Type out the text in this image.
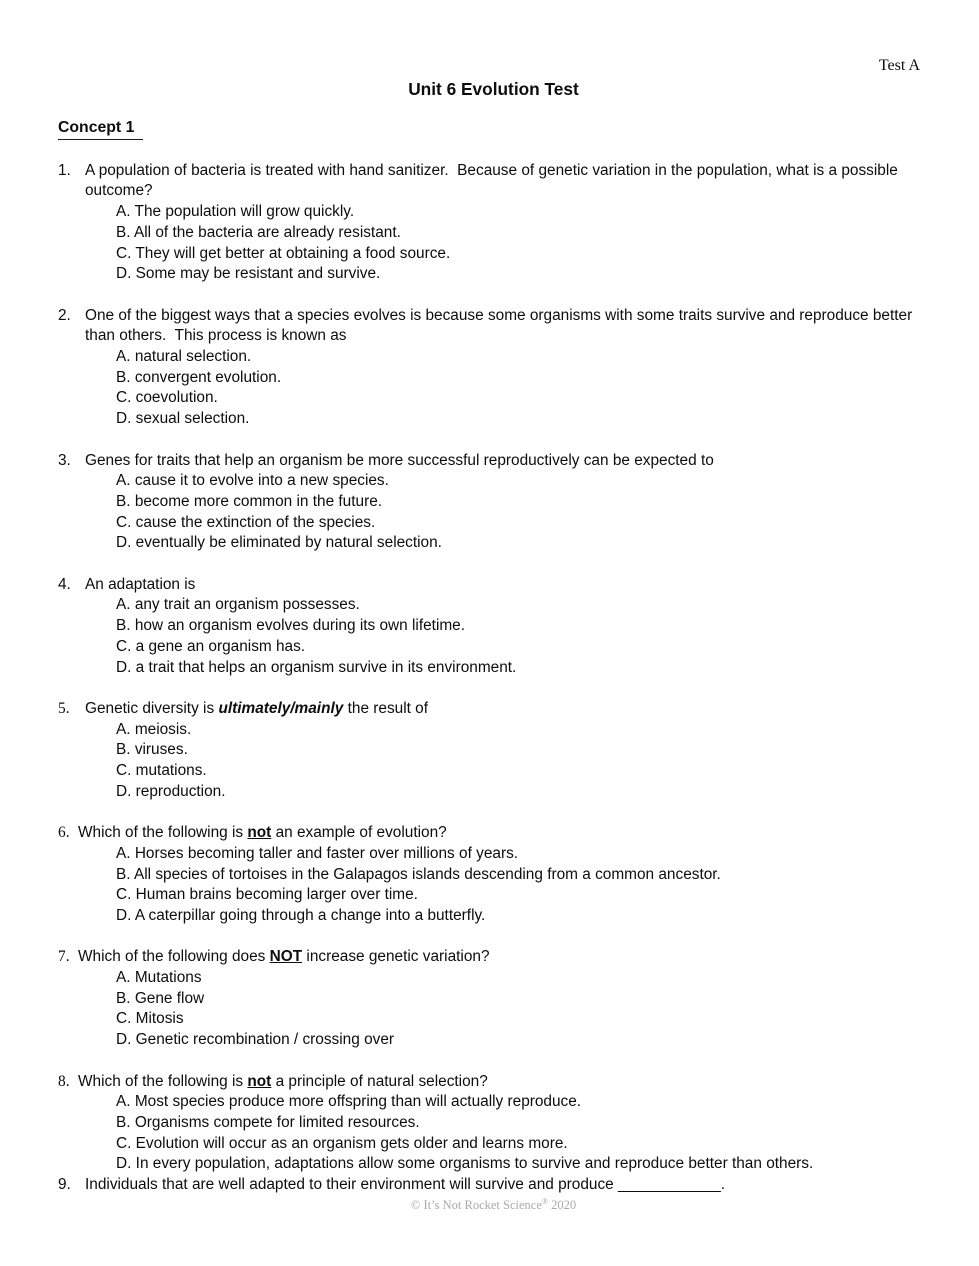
Test A
Unit 6 Evolution Test
Concept 1
1. A population of bacteria is treated with hand sanitizer.  Because of genetic variation in the population, what is a possible outcome?
A. The population will grow quickly.
B. All of the bacteria are already resistant.
C. They will get better at obtaining a food source.
D. Some may be resistant and survive.
2. One of the biggest ways that a species evolves is because some organisms with some traits survive and reproduce better than others.  This process is known as
A. natural selection.
B. convergent evolution.
C. coevolution.
D. sexual selection.
3. Genes for traits that help an organism be more successful reproductively can be expected to
A. cause it to evolve into a new species.
B. become more common in the future.
C. cause the extinction of the species.
D. eventually be eliminated by natural selection.
4. An adaptation is
A. any trait an organism possesses.
B. how an organism evolves during its own lifetime.
C. a gene an organism has.
D. a trait that helps an organism survive in its environment.
5.	Genetic diversity is ultimately/mainly the result of
A. meiosis.
B. viruses.
C. mutations.
D. reproduction.
6. Which of the following is not an example of evolution?
A. Horses becoming taller and faster over millions of years.
B. All species of tortoises in the Galapagos islands descending from a common ancestor.
C. Human brains becoming larger over time.
D. A caterpillar going through a change into a butterfly.
7. Which of the following does NOT increase genetic variation?
A. Mutations
B. Gene flow
C. Mitosis
D. Genetic recombination / crossing over
8. Which of the following is not a principle of natural selection?
A. Most species produce more offspring than will actually reproduce.
B. Organisms compete for limited resources.
C. Evolution will occur as an organism gets older and learns more.
D. In every population, adaptations allow some organisms to survive and reproduce better than others.
9. Individuals that are well adapted to their environment will survive and produce ____________.
© It’s Not Rocket Science® 2020
